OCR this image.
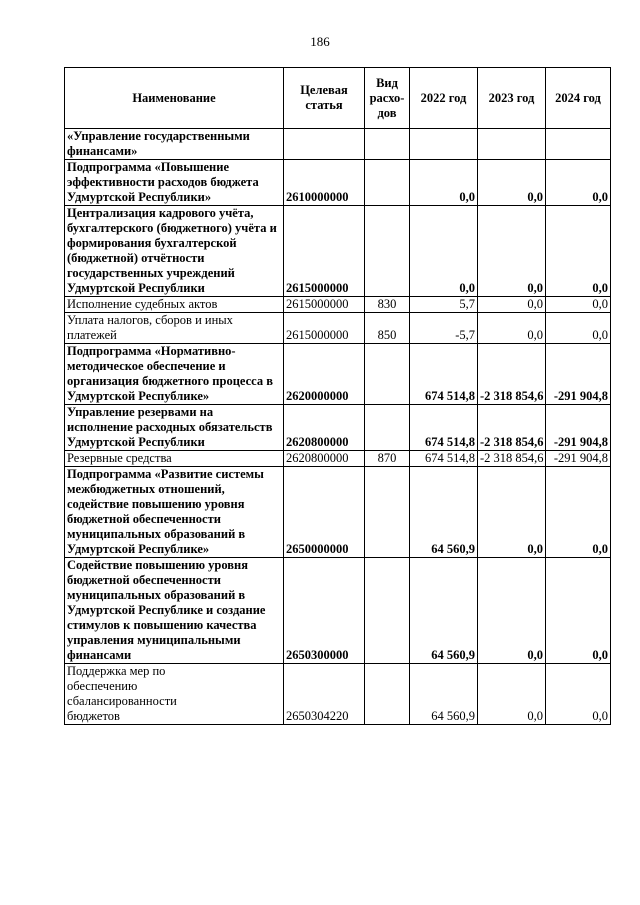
186
Наименование	Целевая статья	Вид расхо-дов	2022 год	2023 год	2024 год
«Управление государственными финансами»					
Подпрограмма «Повышение эффективности расходов бюджета Удмуртской Республики»	2610000000		0,0	0,0	0,0
Централизация кадрового учёта, бухгалтерского (бюджетного) учёта и формирования бухгалтерской (бюджетной) отчётности государственных учреждений Удмуртской Республики	2615000000		0,0	0,0	0,0
Исполнение судебных актов	2615000000	830	5,7	0,0	0,0
Уплата налогов, сборов и иных платежей	2615000000	850	-5,7	0,0	0,0
Подпрограмма «Нормативно-методическое обеспечение и организация бюджетного процесса в Удмуртской Республике»	2620000000		674 514,8	-2 318 854,6	-291 904,8
Управление резервами на исполнение расходных обязательств Удмуртской Республики	2620800000		674 514,8	-2 318 854,6	-291 904,8
Резервные средства	2620800000	870	674 514,8	-2 318 854,6	-291 904,8
Подпрограмма «Развитие системы межбюджетных отношений, содействие повышению уровня бюджетной обеспеченности муниципальных образований в Удмуртской Республике»	2650000000		64 560,9	0,0	0,0
Содействие повышению уровня бюджетной обеспеченности муниципальных образований в Удмуртской Республике и создание стимулов к повышению качества управления муниципальными финансами	2650300000		64 560,9	0,0	0,0
Поддержка мер по обеспечению сбалансированности бюджетов	2650304220		64 560,9	0,0	0,0
